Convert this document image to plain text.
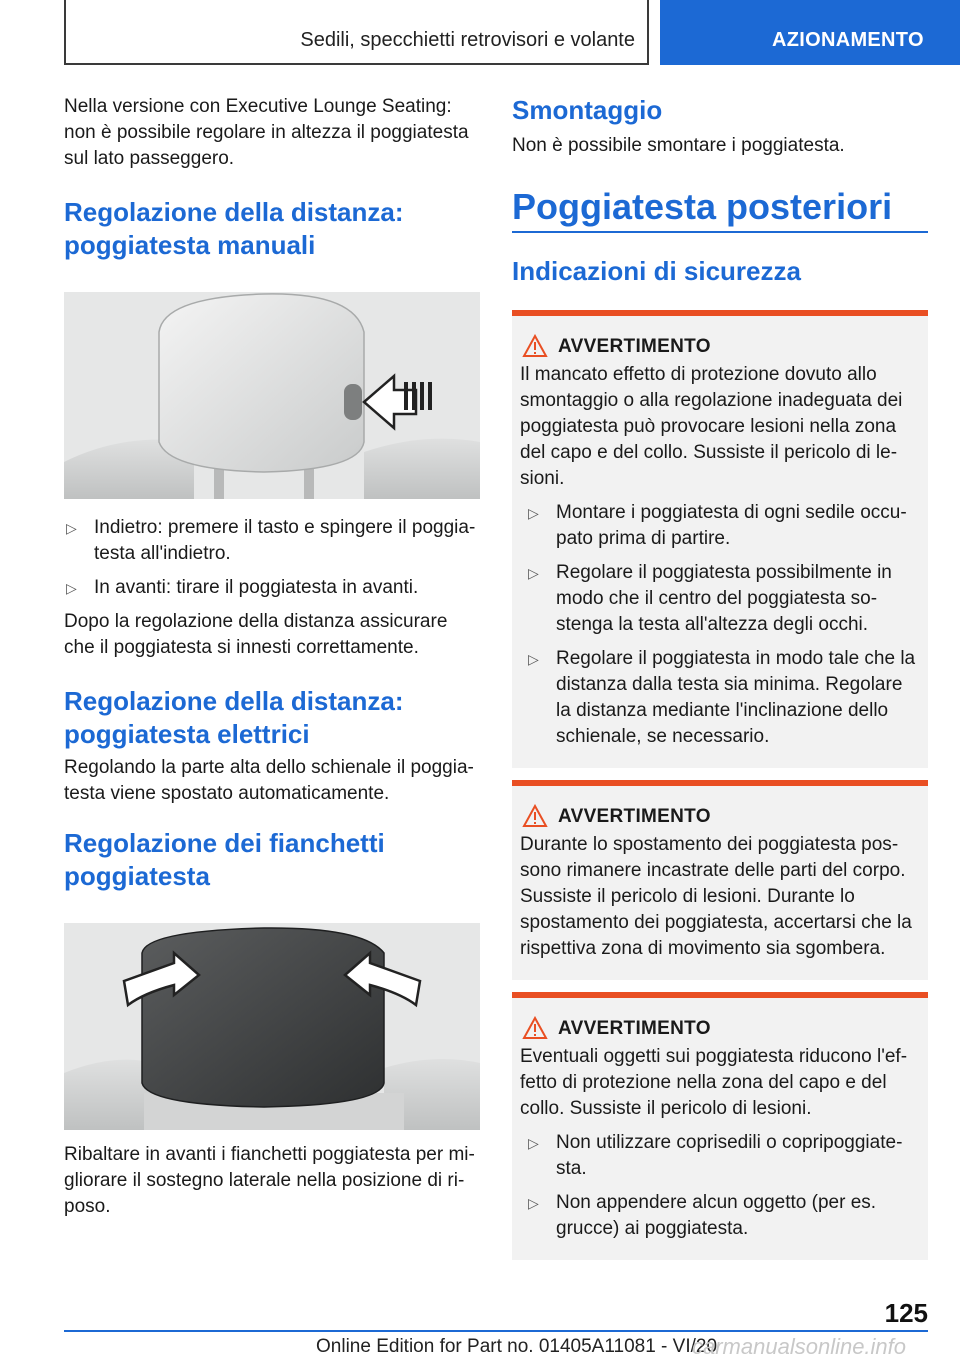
Sedili, specchietti retrovisori e volante	AZIONAMENTO

Nella versione con Executive Lounge Seating: non è possibile regolare in altezza il poggiatesta sul lato passeggero.

Regolazione della distanza: poggiatesta manuali
▷ Indietro: premere il tasto e spingere il poggiatesta all'indietro.
▷ In avanti: tirare il poggiatesta in avanti.

Dopo la regolazione della distanza assicurare che il poggiatesta si innesti correttamente.

Regolazione della distanza: poggiatesta elettrici

Regolando la parte alta dello schienale il poggiatesta viene spostato automaticamente.

Regolazione dei fianchetti poggiatesta

Ribaltare in avanti i fianchetti poggiatesta per migliorare il sostegno laterale nella posizione di riposo.

Smontaggio

Non è possibile smontare i poggiatesta.

Poggiatesta posteriori
Indicazioni di sicurezza
AVVERTIMENTO

Il mancato effetto di protezione dovuto allo smontaggio o alla regolazione inadeguata dei poggiatesta può provocare lesioni nella zona del capo e del collo. Sussiste il pericolo di lesioni.

▷ Montare i poggiatesta di ogni sedile occupato prima di partire.
▷ Regolare il poggiatesta possibilmente in modo che il centro del poggiatesta sostenga la testa all'altezza degli occhi.
▷ Regolare il poggiatesta in modo tale che la distanza dalla testa sia minima. Regolare la distanza mediante l'inclinazione dello schienale, se necessario.
AVVERTIMENTO

Durante lo spostamento dei poggiatesta possono rimanere incastrate delle parti del corpo. Sussiste il pericolo di lesioni. Durante lo spostamento dei poggiatesta, accertarsi che la rispettiva zona di movimento sia sgombera.

AVVERTIMENTO

Eventuali oggetti sui poggiatesta riducono l'effetto di protezione nella zona del capo e del collo. Sussiste il pericolo di lesioni.

▷ Non utilizzare coprisedili o copripoggiatesta.
▷ Non appendere alcun oggetto (per es. grucce) ai poggiatesta.
125
Online Edition for Part no. 01405A11081 - VI/20
carmanualsonline.info
